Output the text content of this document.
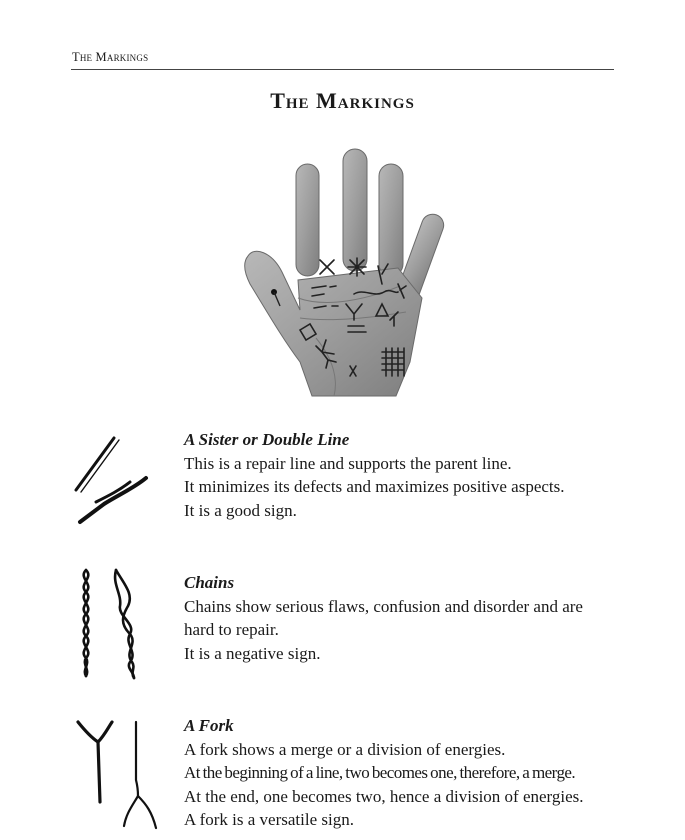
The Markings
The Markings
A Sister or Double Line
This is a repair line and supports the parent line.
It minimizes its defects and maximizes positive aspects.
It is a good sign.
Chains
Chains show serious flaws, confusion and disorder and are
hard to repair.
It is a negative sign.
A Fork
A fork shows a merge or a division of energies.
At the beginning of a line, two becomes one, therefore, a merge.
At the end, one becomes two, hence a division of energies.
A fork is a versatile sign.
